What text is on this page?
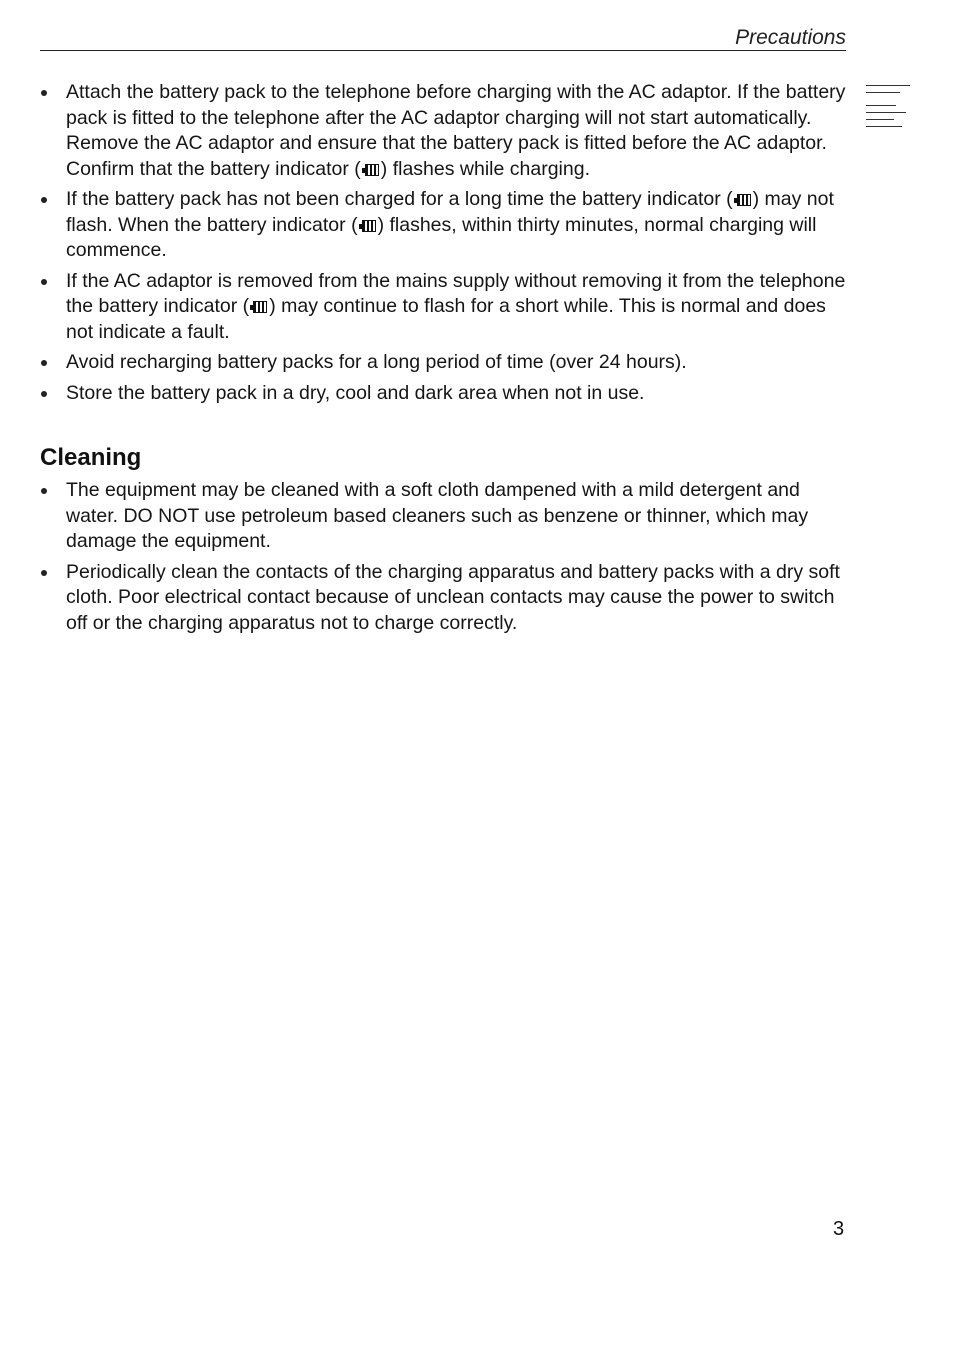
Precautions
Attach the battery pack to the telephone before charging with the AC adaptor. If the battery pack is fitted to the telephone after the AC adaptor charging will not start automatically. Remove the AC adaptor and ensure that the battery pack is fitted before the AC adaptor. Confirm that the battery indicator ( ) flashes while charging.
If the battery pack has not been charged for a long time the battery indicator ( ) may not flash. When the battery indicator ( ) flashes, within thirty minutes, normal charging will commence.
If the AC adaptor is removed from the mains supply without removing it from the telephone the battery indicator ( ) may continue to flash for a short while. This is normal and does not indicate a fault.
Avoid recharging battery packs for a long period of time (over 24 hours).
Store the battery pack in a dry, cool and dark area when not in use.
Cleaning
The equipment may be cleaned with a soft cloth dampened with a mild detergent and water. DO NOT use petroleum based cleaners such as benzene or thinner, which may damage the equipment.
Periodically clean the contacts of the charging apparatus and battery packs with a dry soft cloth. Poor electrical contact because of unclean contacts may cause the power to switch off or the charging apparatus not to charge correctly.
3
